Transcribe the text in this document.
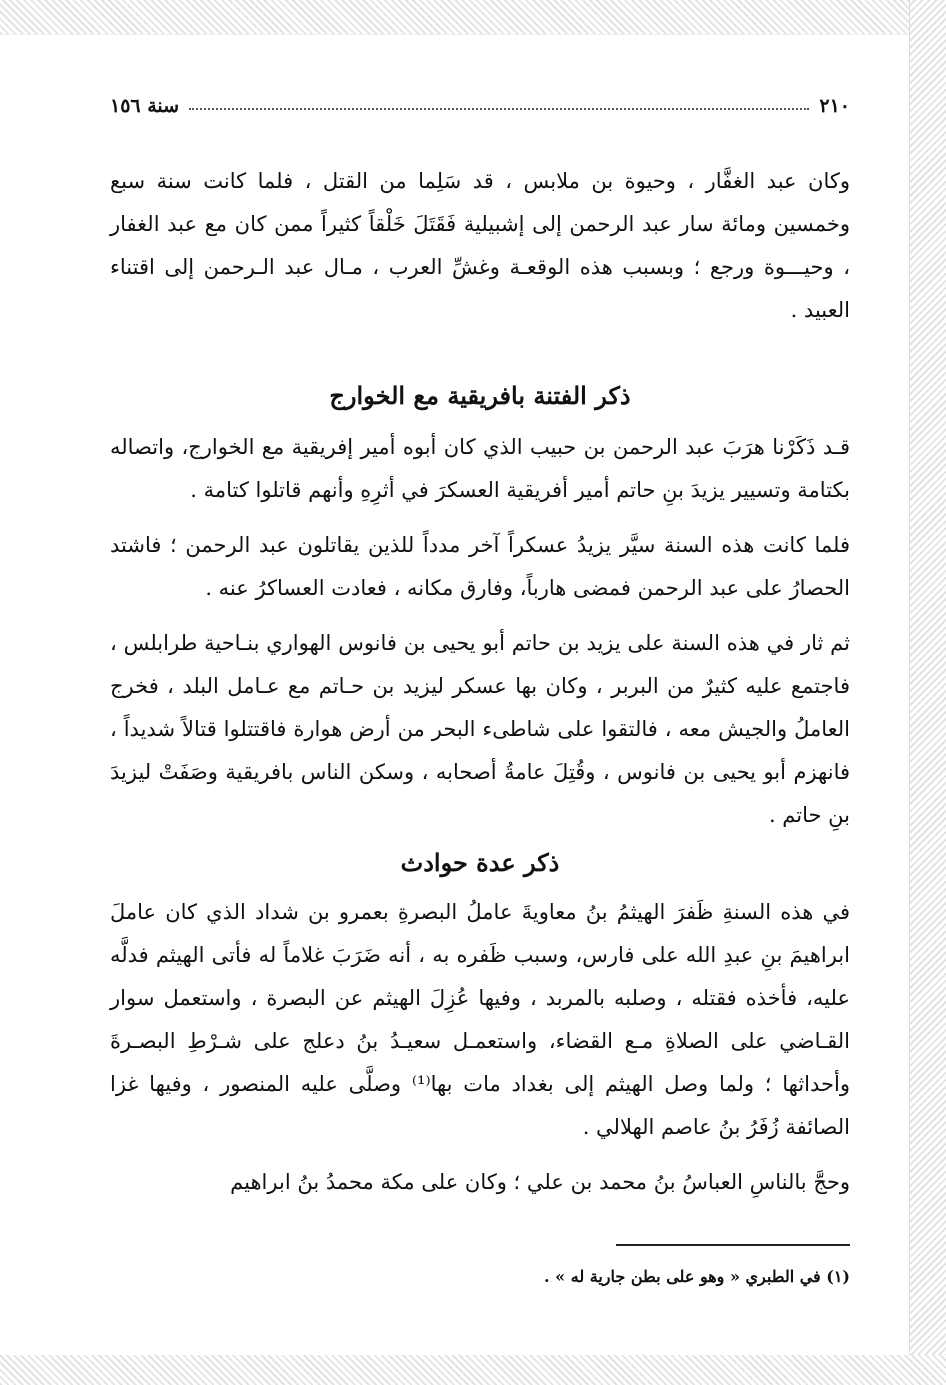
٢١٠
سنة ١٥٦

وكان عبد الغفَّار ، وحيوة بن ملابس ، قد سَلِما من القتل ، فلما كانت سنة سبع وخمسين ومائة سار عبد الرحمن إلى إشبيلية فَقَتَلَ خَلْقاً كثيراً ممن كان مع عبد الغفار ، وحيـــوة ورجع ؛ وبسبب هذه الوقعـة وغشِّ العرب ، مـال عبد الـرحمن إلى اقتناء العبيد .

ذكر الفتنة بافريقية مع الخوارج

قـد ذَكَرْنا هرَبَ عبد الرحمن بن حبيب الذي كان أبوه أمير إفريقية مع الخوارج، واتصاله بكتامة وتسيير يزيدَ بنِ حاتم أمير أفريقية العسكرَ في أثرِهِ وأنهم قاتلوا كتامة .

فلما كانت هذه السنة سيَّر يزيدُ عسكراً آخر مدداً للذين يقاتلون عبد الرحمن ؛ فاشتد الحصارُ على عبد الرحمن فمضى هارباً، وفارق مكانه ، فعادت العساكرُ عنه .

ثم ثار في هذه السنة على يزيد بن حاتم أبو يحيى بن فانوس الهواري بنـاحية طرابلس ، فاجتمع عليه كثيرٌ من البربر ، وكان بها عسكر ليزيد بن حـاتم مع عـامل البلد ، فخرج العاملُ والجيش معه ، فالتقوا على شاطىء البحر من أرض هوارة فاقتتلوا قتالاً شديداً ، فانهزم أبو يحيى بن فانوس ، وقُتِلَ عامةُ أصحابه ، وسكن الناس بافريقية وصَفَتْ ليزيدَ بنِ حاتم .

ذكر عدة حوادث

في هذه السنةِ ظَفرَ الهيثمُ بنُ معاويةَ عاملُ البصرةِ بعمرو بن شداد الذي كان عاملَ ابراهيمَ بنِ عبدِ الله على فارس، وسبب ظَفره به ، أنه ضَرَبَ غلاماً له فأتى الهيثم فدلَّه عليه، فأخذه فقتله ، وصلبه بالمربد ، وفيها عُزِلَ الهيثم عن البصرة ، واستعمل سوار القـاضي على الصلاةِ مـع القضاء، واستعمـل سعيـدُ بنُ دعلج على شـرْطِ البصـرةَ وأحداثها ؛ ولما وصل الهيثم إلى بغداد مات بها⁽¹⁾ وصلَّى عليه المنصور ، وفيها غزا الصائفة زُفَرُ بنُ عاصم الهلالي .

وحجَّ بالناسِ العباسُ بنُ محمد بن علي ؛ وكان على مكة محمدُ بنُ ابراهيم

(١) في الطبري « وهو على بطن جارية له » .
